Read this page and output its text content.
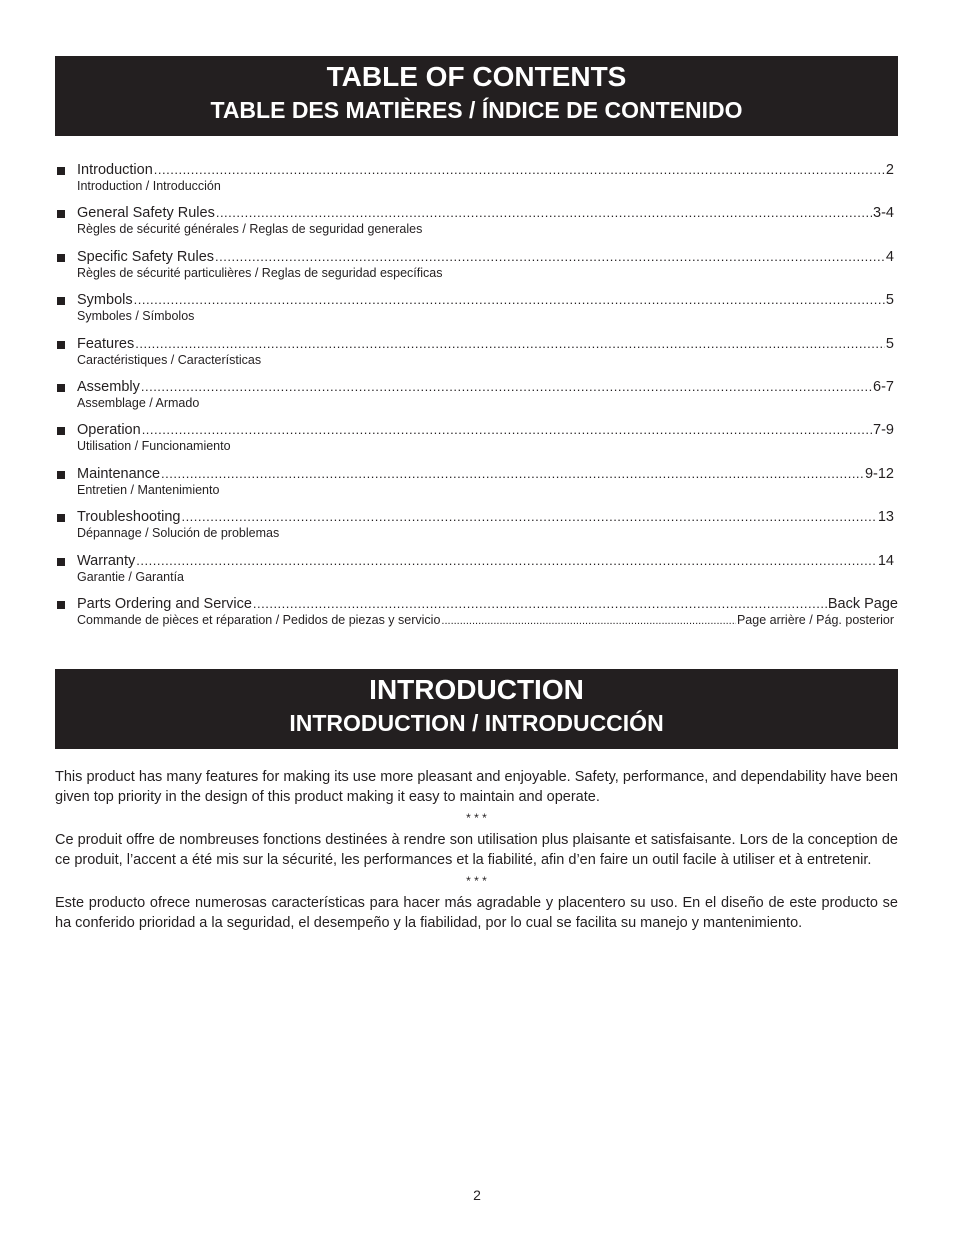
TABLE OF CONTENTS
TABLE DES MATIÈRES / ÍNDICE DE CONTENIDO
Introduction .....	2
Introduction / Introducción
General Safety Rules .....	3-4
Règles de sécurité générales / Reglas de seguridad generales
Specific Safety Rules .....	4
Règles de sécurité particulières / Reglas de seguridad específicas
Symbols .....	5
Symboles / Símbolos
Features .....	5
Caractéristiques / Características
Assembly .....	6-7
Assemblage / Armado
Operation .....	7-9
Utilisation / Funcionamiento
Maintenance .....	9-12
Entretien / Mantenimiento
Troubleshooting .....	13
Dépannage / Solución de problemas
Warranty .....	14
Garantie / Garantía
Parts Ordering and Service .....	Back Page
Commande de pièces et réparation / Pedidos de piezas y servicio .....	Page arrière / Pág. posterior
INTRODUCTION
INTRODUCTION / INTRODUCCIÓN

This product has many features for making its use more pleasant and enjoyable. Safety, performance, and dependability have been given top priority in the design of this product making it easy to maintain and operate.

* * *

Ce produit offre de nombreuses fonctions destinées à rendre son utilisation plus plaisante et satisfaisante. Lors de la conception de ce produit, l’accent a été mis sur la sécurité, les performances et la fiabilité, afin d’en faire un outil facile à utiliser et à entretenir.

* * *

Este producto ofrece numerosas características para hacer más agradable y placentero su uso. En el diseño de este producto se ha conferido prioridad a la seguridad, el desempeño y la fiabilidad, por lo cual se facilita su manejo y mantenimiento.

2
